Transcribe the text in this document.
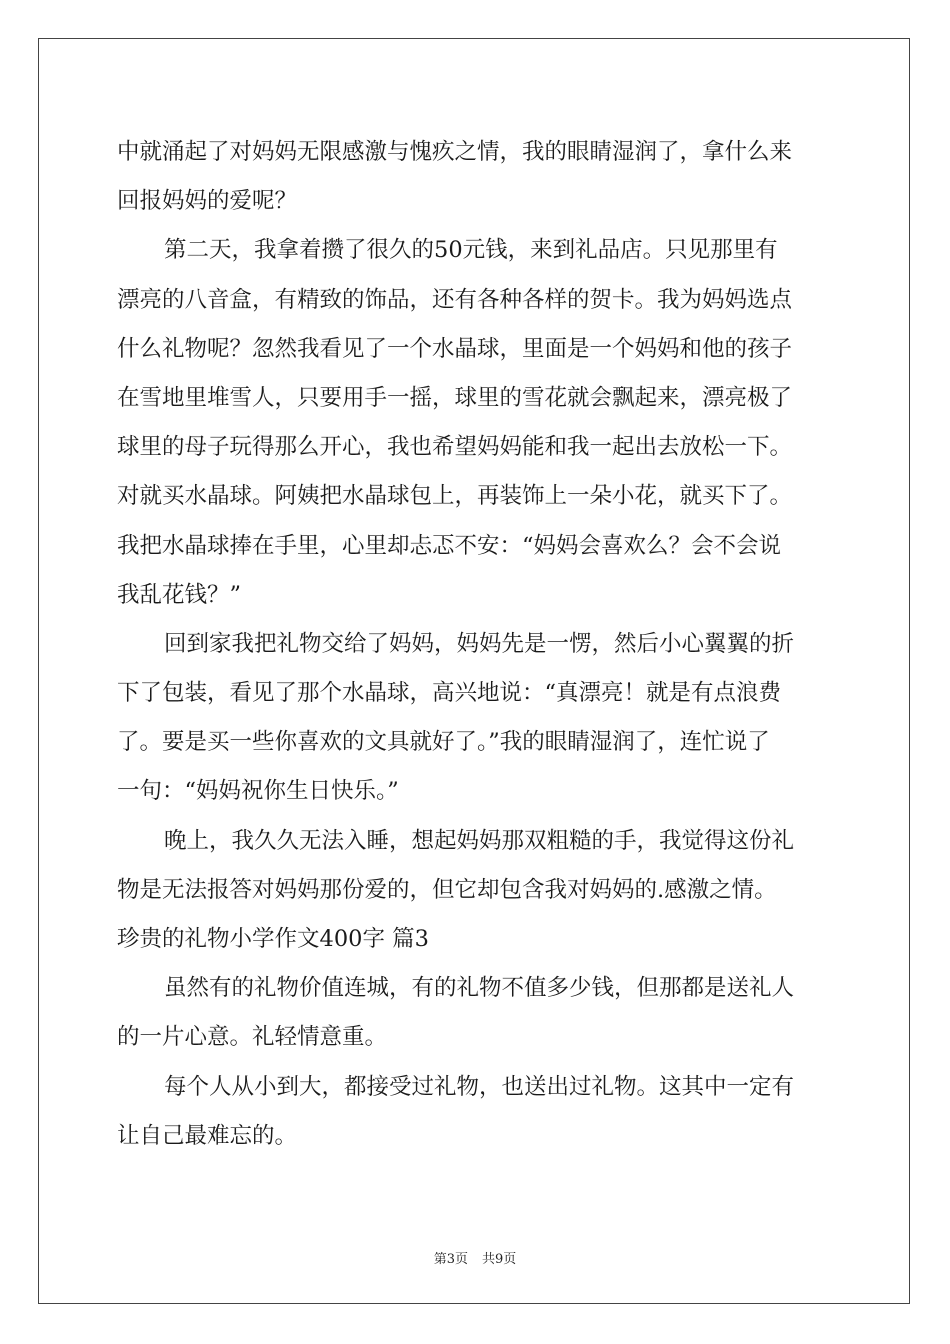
中就涌起了对妈妈无限感激与愧疚之情，我的眼睛湿润了，拿什么来
回报妈妈的爱呢？
第二天，我拿着攒了很久的50元钱，来到礼品店。只见那里有
漂亮的八音盒，有精致的饰品，还有各种各样的贺卡。我为妈妈选点
什么礼物呢？忽然我看见了一个水晶球，里面是一个妈妈和他的孩子
在雪地里堆雪人，只要用手一摇，球里的雪花就会飘起来，漂亮极了
球里的母子玩得那么开心，我也希望妈妈能和我一起出去放松一下。
对就买水晶球。阿姨把水晶球包上，再装饰上一朵小花，就买下了。
我把水晶球捧在手里，心里却忐忑不安：“妈妈会喜欢么？会不会说
我乱花钱？”
回到家我把礼物交给了妈妈，妈妈先是一愣，然后小心翼翼的折
下了包装，看见了那个水晶球，高兴地说：“真漂亮！就是有点浪费
了。要是买一些你喜欢的文具就好了。”我的眼睛湿润了，连忙说了
一句：“妈妈祝你生日快乐。”
晚上，我久久无法入睡，想起妈妈那双粗糙的手，我觉得这份礼
物是无法报答对妈妈那份爱的，但它却包含我对妈妈的.感激之情。
珍贵的礼物小学作文400字 篇3
虽然有的礼物价值连城，有的礼物不值多少钱，但那都是送礼人
的一片心意。礼轻情意重。
每个人从小到大，都接受过礼物，也送出过礼物。这其中一定有
让自己最难忘的。
第3页 共9页
